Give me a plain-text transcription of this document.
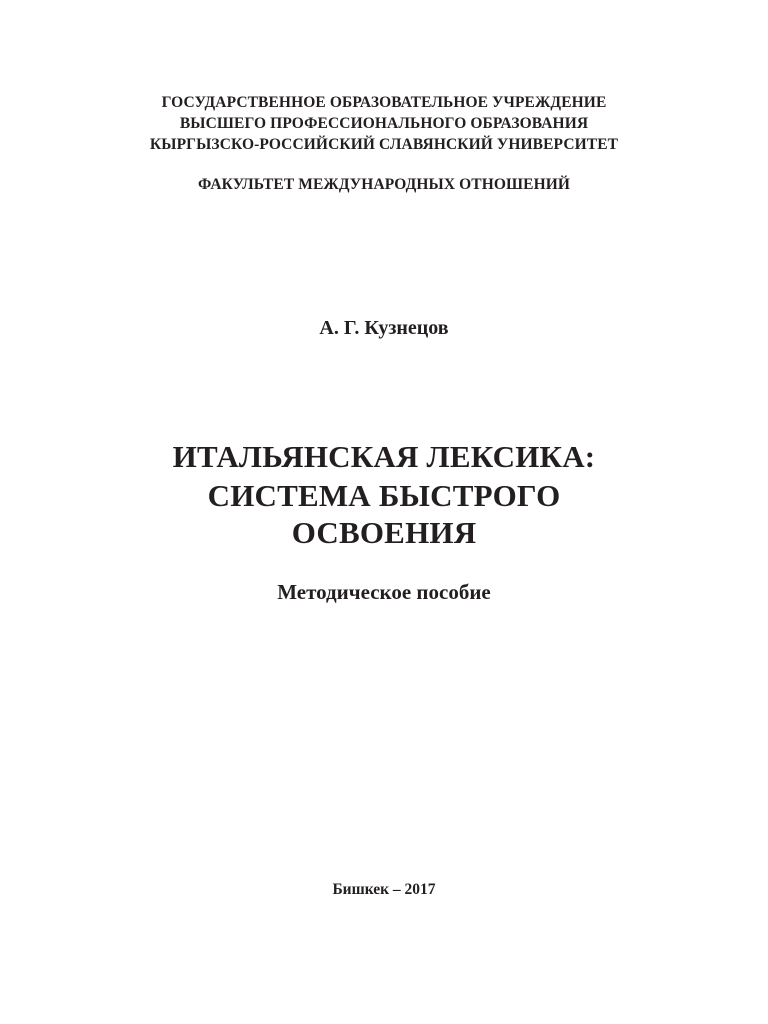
ГОСУДАРСТВЕННОЕ ОБРАЗОВАТЕЛЬНОЕ УЧРЕЖДЕНИЕ
ВЫСШЕГО ПРОФЕССИОНАЛЬНОГО ОБРАЗОВАНИЯ
КЫРГЫЗСКО-РОССИЙСКИЙ СЛАВЯНСКИЙ УНИВЕРСИТЕТ
ФАКУЛЬТЕТ МЕЖДУНАРОДНЫХ ОТНОШЕНИЙ
А. Г. Кузнецов
ИТАЛЬЯНСКАЯ ЛЕКСИКА:
СИСТЕМА БЫСТРОГО
ОСВОЕНИЯ
Методическое пособие
Бишкек – 2017
